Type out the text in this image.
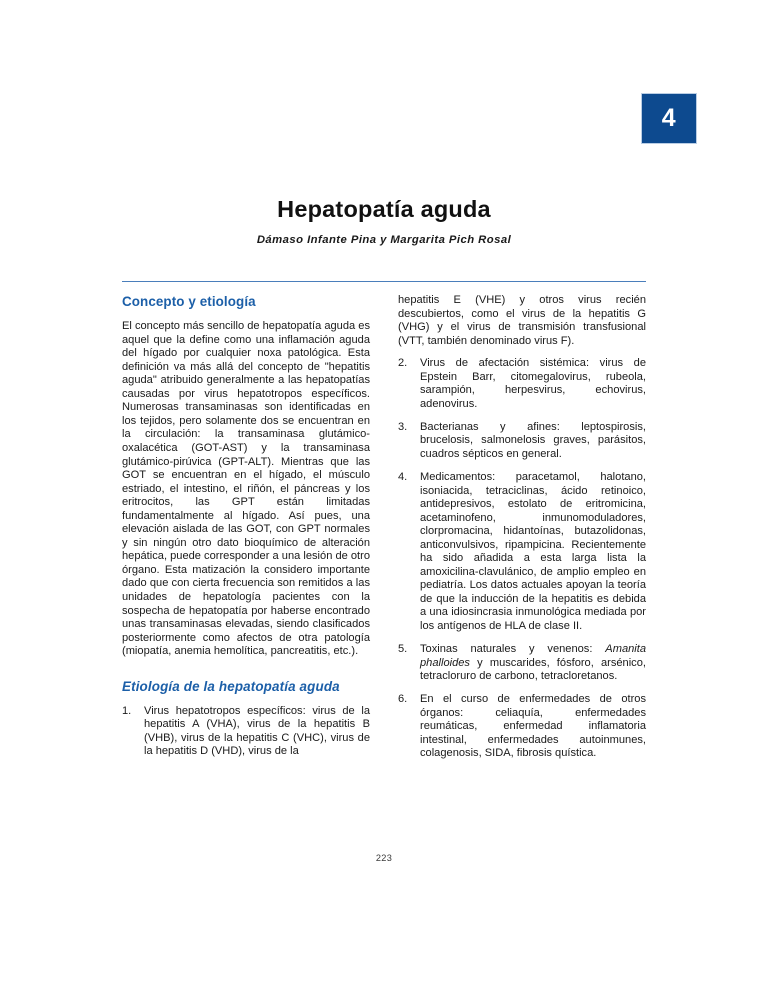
4
Hepatopatía aguda

Dámaso Infante Pina y Margarita Pich Rosal

Concepto y etiología

El concepto más sencillo de hepatopatía aguda es aquel que la define como una inflamación aguda del hígado por cualquier noxa patológica. Esta definición va más allá del concepto de "hepatitis aguda" atribuido generalmente a las hepatopatías causadas por virus hepatotropos específicos. Numerosas transaminasas son identificadas en los tejidos, pero solamente dos se encuentran en la circulación: la transaminasa glutámico-oxalacética (GOT-AST) y la transaminasa glutámico-pirúvica (GPT-ALT). Mientras que las GOT se encuentran en el hígado, el músculo estriado, el intestino, el riñón, el páncreas y los eritrocitos, las GPT están limitadas fundamentalmente al hígado. Así pues, una elevación aislada de las GOT, con GPT normales y sin ningún otro dato bioquímico de alteración hepática, puede corresponder a una lesión de otro órgano. Esta matización la considero importante dado que con cierta frecuencia son remitidos a las unidades de hepatología pacientes con la sospecha de hepatopatía por haberse encontrado unas transaminasas elevadas, siendo clasificados posteriormente como afectos de otra patología (miopatía, anemia hemolítica, pancreatitis, etc.).

Etiología de la hepatopatía aguda
1.	Virus hepatotropos específicos: virus de la hepatitis A (VHA), virus de la hepatitis B (VHB), virus de la hepatitis C (VHC), virus de la hepatitis D (VHD), virus de la

hepatitis E (VHE) y otros virus recién descubiertos, como el virus de la hepatitis G (VHG) y el virus de transmisión transfusional (VTT, también denominado virus F).

2.	Virus de afectación sistémica: virus de Epstein Barr, citomegalovirus, rubeola, sarampión, herpesvirus, echovirus, adenovirus.
3.	Bacterianas y afines: leptospirosis, brucelosis, salmonelosis graves, parásitos, cuadros sépticos en general.
4.	Medicamentos: paracetamol, halotano, isoniacida, tetraciclinas, ácido retinoico, antidepresivos, estolato de eritromicina, acetaminofeno, inmunomoduladores, clorpromacina, hidantoínas, butazolidonas, anticonvulsivos, ripampicina. Recientemente ha sido añadida a esta larga lista la amoxicilina-clavulánico, de amplio empleo en pediatría. Los datos actuales apoyan la teoría de que la inducción de la hepatitis es debida a una idiosincrasia inmunológica mediada por los antígenos de HLA de clase II.
5.	Toxinas naturales y venenos: Amanita phalloides y muscarides, fósforo, arsénico, tetracloruro de carbono, tetracloretanos.
6.	En el curso de enfermedades de otros órganos: celiaquía, enfermedades reumáticas, enfermedad inflamatoria intestinal, enfermedades autoinmunes, colagenosis, SIDA, fibrosis quística.
223
